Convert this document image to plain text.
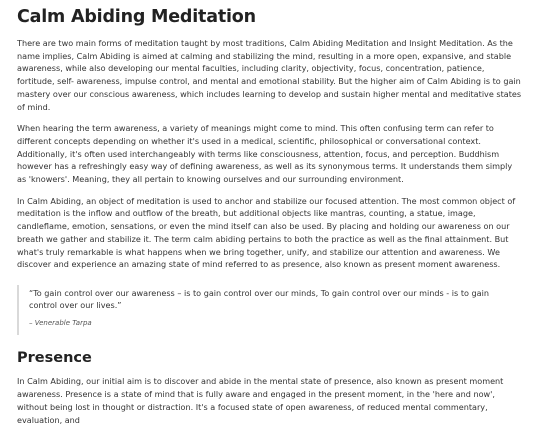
Calm Abiding Meditation

There are two main forms of meditation taught by most traditions, Calm Abiding Meditation and Insight Meditation. As the name implies, Calm Abiding is aimed at calming and stabilizing the mind, resulting in a more open, expansive, and stable awareness, while also developing our mental faculties, including clarity, objectivity, focus, concentration, patience, fortitude, self- awareness, impulse control, and mental and emotional stability. But the higher aim of Calm Abiding is to gain mastery over our conscious awareness, which includes learning to develop and sustain higher mental and meditative states of mind.

When hearing the term awareness, a variety of meanings might come to mind. This often confusing term can refer to different concepts depending on whether it's used in a medical, scientific, philosophical or conversational context. Additionally, it's often used interchangeably with terms like consciousness, attention, focus, and perception. Buddhism however has a refreshingly easy way of defining awareness, as well as its synonymous terms. It understands them simply as 'knowers'. Meaning, they all pertain to knowing ourselves and our surrounding environment.

In Calm Abiding, an object of meditation is used to anchor and stabilize our focused attention. The most common object of meditation is the inflow and outflow of the breath, but additional objects like mantras, counting, a statue, image, candleflame, emotion, sensations, or even the mind itself can also be used. By placing and holding our awareness on our breath we gather and stabilize it. The term calm abiding pertains to both the practice as well as the final attainment. But what's truly remarkable is what happens when we bring together, unify, and stabilize our attention and awareness. We discover and experience an amazing state of mind referred to as presence, also known as present moment awareness.

“To gain control over our awareness – is to gain control over our minds, To gain control over our minds - is to gain control over our lives.”

– Venerable Tarpa

Presence

In Calm Abiding, our initial aim is to discover and abide in the mental state of presence, also known as present moment awareness. Presence is a state of mind that is fully aware and engaged in the present moment, in the 'here and now', without being lost in thought or distraction. It's a focused state of open awareness, of reduced mental commentary, evaluation, and
